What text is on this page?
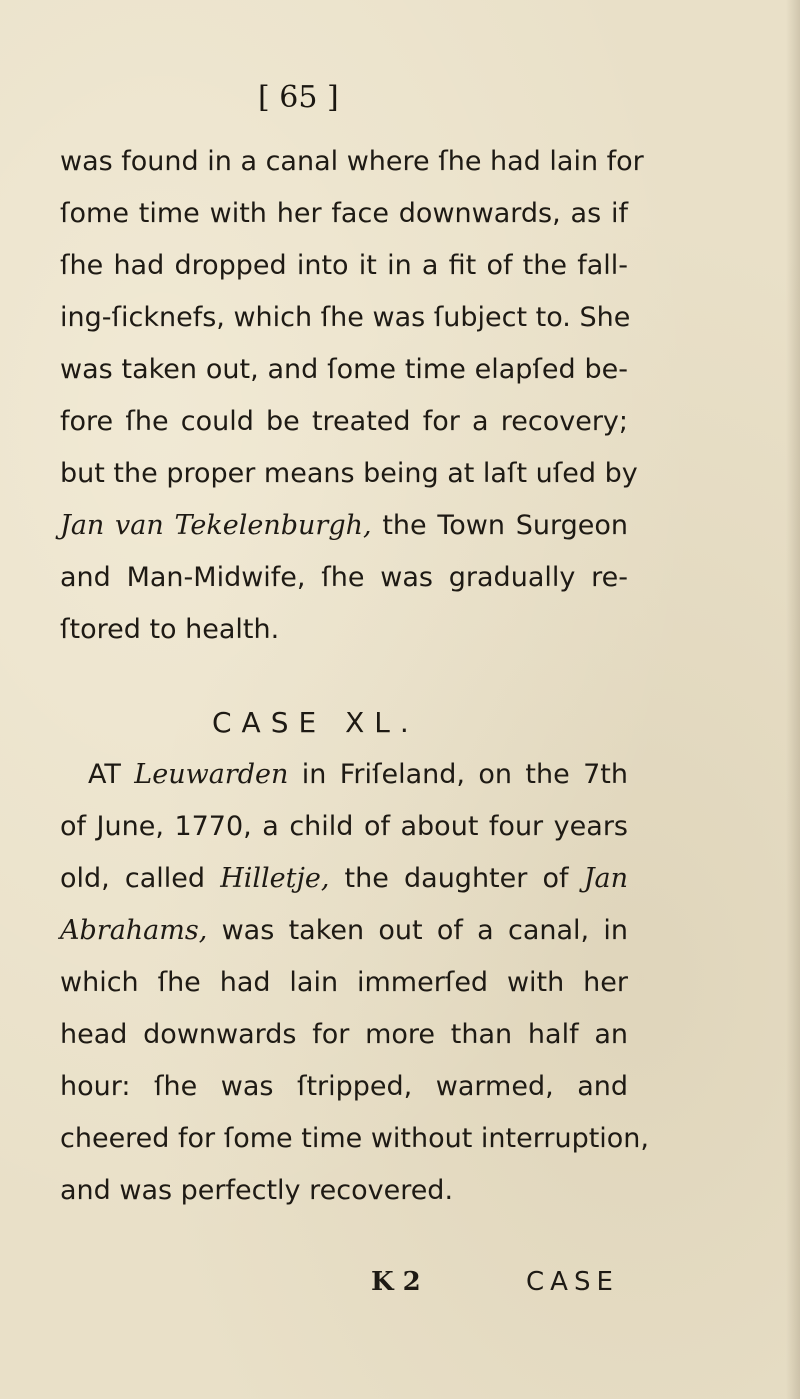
[ 65 ]
was found in a canal where ſhe had lain for
ſome time with her face downwards, as if
ſhe had dropped into it in a fit of the fall-
ing-ſicknefs, which ſhe was ſubject to. She
was taken out, and ſome time elapſed be-
fore ſhe could be treated for a recovery;
but the proper means being at laſt uſed by
Jan van Tekelenburgh, the Town Surgeon
and Man-Midwife, ſhe was gradually re-
ſtored to health.
CASE XL.
AT Leuwarden in Friſeland, on the 7th
of June, 1770, a child of about four years
old, called Hilletje, the daughter of Jan
Abrahams, was taken out of a canal, in
which ſhe had lain immerſed with her
head downwards for more than half an
hour: ſhe was ſtripped, warmed, and
cheered for ſome time without interruption,
and was perfectly recovered.
K 2	CASE
